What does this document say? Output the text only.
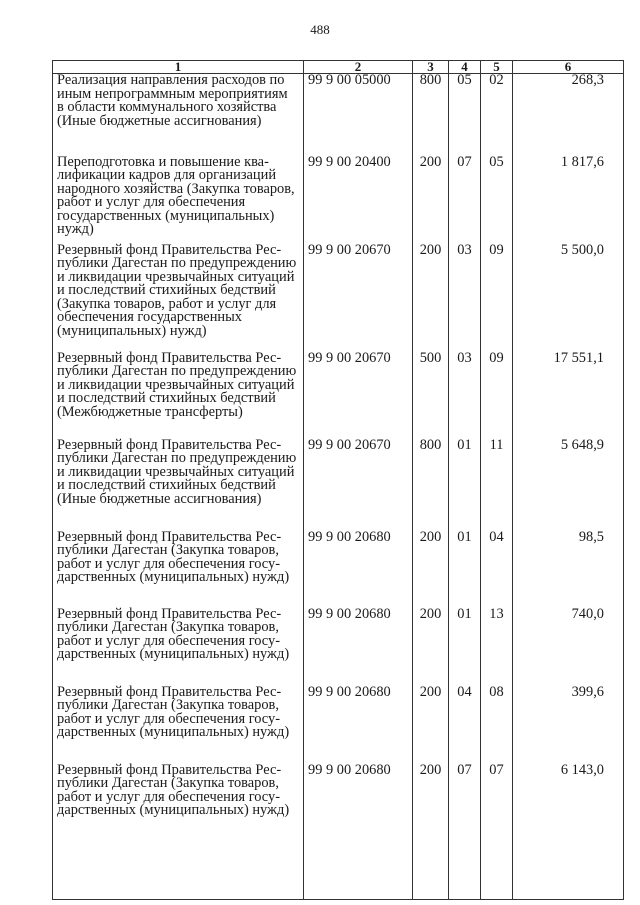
488
1	2	3	4	5	6
Реализация направления расходов по иным непрограммным мероприятиям в области коммунального хозяйства (Иные бюджетные ассигнования)	99 9 00 05000	800	05	02	268,3
Переподготовка и повышение квалификации кадров для организаций народного хозяйства (Закупка товаров, работ и услуг для обеспечения государственных (муниципальных) нужд)	99 9 00 20400	200	07	05	1 817,6
Резервный фонд Правительства Республики Дагестан по предупреждению и ликвидации чрезвычайных ситуаций и последствий стихийных бедствий (Закупка товаров, работ и услуг для обеспечения государственных (муниципальных) нужд)	99 9 00 20670	200	03	09	5 500,0
Резервный фонд Правительства Республики Дагестан по предупреждению и ликвидации чрезвычайных ситуаций и последствий стихийных бедствий (Межбюджетные трансферты)	99 9 00 20670	500	03	09	17 551,1
Резервный фонд Правительства Республики Дагестан по предупреждению и ликвидации чрезвычайных ситуаций и последствий стихийных бедствий (Иные бюджетные ассигнования)	99 9 00 20670	800	01	11	5 648,9
Резервный фонд Правительства Республики Дагестан (Закупка товаров, работ и услуг для обеспечения государственных (муниципальных) нужд)	99 9 00 20680	200	01	04	98,5
Резервный фонд Правительства Республики Дагестан (Закупка товаров, работ и услуг для обеспечения государственных (муниципальных) нужд)	99 9 00 20680	200	01	13	740,0
Резервный фонд Правительства Республики Дагестан (Закупка товаров, работ и услуг для обеспечения государственных (муниципальных) нужд)	99 9 00 20680	200	04	08	399,6
Резервный фонд Правительства Республики Дагестан (Закупка товаров, работ и услуг для обеспечения государственных (муниципальных) нужд)	99 9 00 20680	200	07	07	6 143,0
